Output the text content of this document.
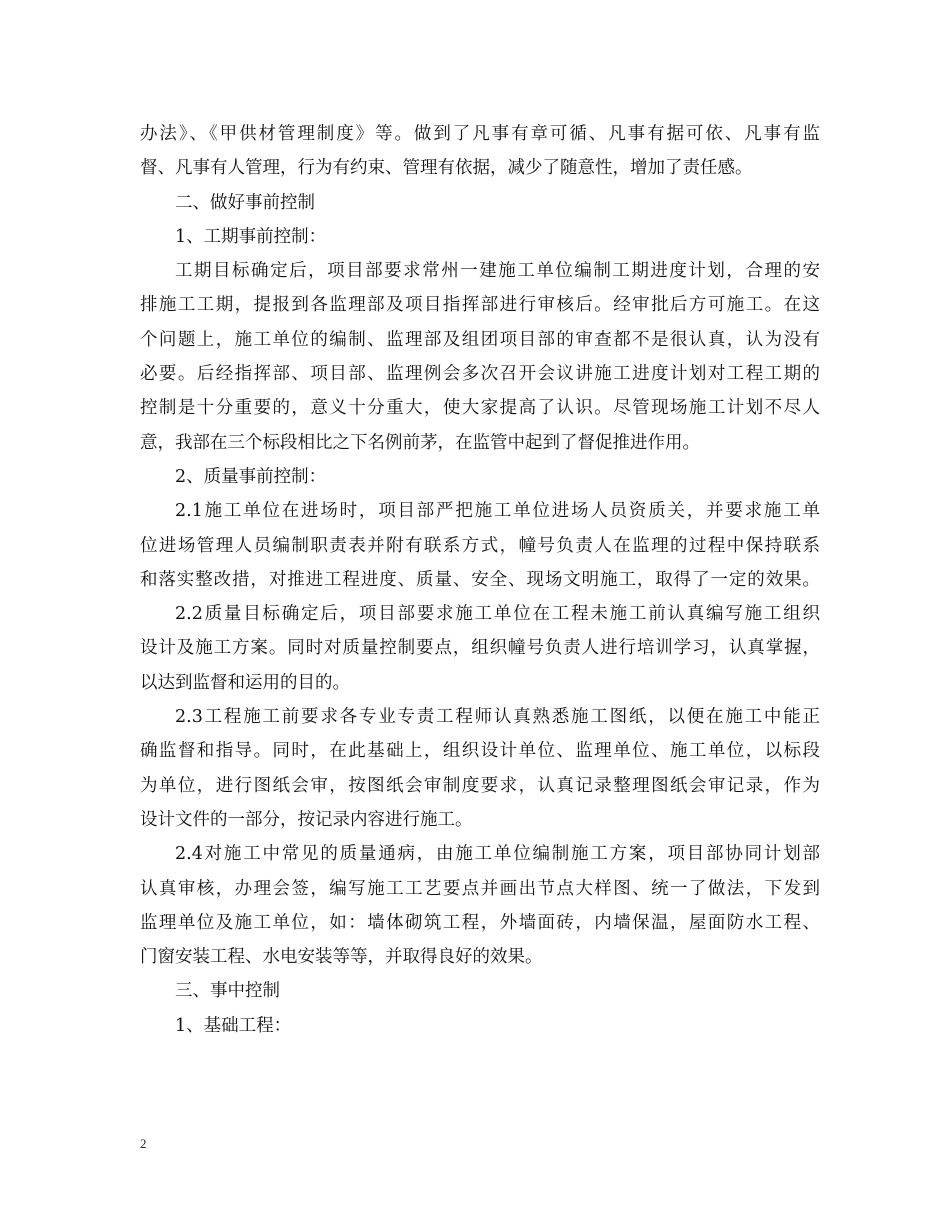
办法》、《甲供材管理制度》等。做到了凡事有章可循、凡事有据可依、凡事有监
督、凡事有人管理，行为有约束、管理有依据，减少了随意性，增加了责任感。
二、做好事前控制
1、工期事前控制：
工期目标确定后，项目部要求常州一建施工单位编制工期进度计划，合理的安
排施工工期，提报到各监理部及项目指挥部进行审核后。经审批后方可施工。在这
个问题上，施工单位的编制、监理部及组团项目部的审查都不是很认真，认为没有
必要。后经指挥部、项目部、监理例会多次召开会议讲施工进度计划对工程工期的
控制是十分重要的，意义十分重大，使大家提高了认识。尽管现场施工计划不尽人
意，我部在三个标段相比之下名例前茅，在监管中起到了督促推进作用。
2、质量事前控制：
2.1施工单位在进场时，项目部严把施工单位进场人员资质关，并要求施工单
位进场管理人员编制职责表并附有联系方式，幢号负责人在监理的过程中保持联系
和落实整改措，对推进工程进度、质量、安全、现场文明施工，取得了一定的效果。
2.2质量目标确定后，项目部要求施工单位在工程未施工前认真编写施工组织
设计及施工方案。同时对质量控制要点，组织幢号负责人进行培训学习，认真掌握，
以达到监督和运用的目的。
2.3工程施工前要求各专业专责工程师认真熟悉施工图纸，以便在施工中能正
确监督和指导。同时，在此基础上，组织设计单位、监理单位、施工单位，以标段
为单位，进行图纸会审，按图纸会审制度要求，认真记录整理图纸会审记录，作为
设计文件的一部分，按记录内容进行施工。
2.4对施工中常见的质量通病，由施工单位编制施工方案，项目部协同计划部
认真审核，办理会签，编写施工工艺要点并画出节点大样图、统一了做法，下发到
监理单位及施工单位，如：墙体砌筑工程，外墙面砖，内墙保温，屋面防水工程、
门窗安装工程、水电安装等等，并取得良好的效果。
三、事中控制
1、基础工程：
2
